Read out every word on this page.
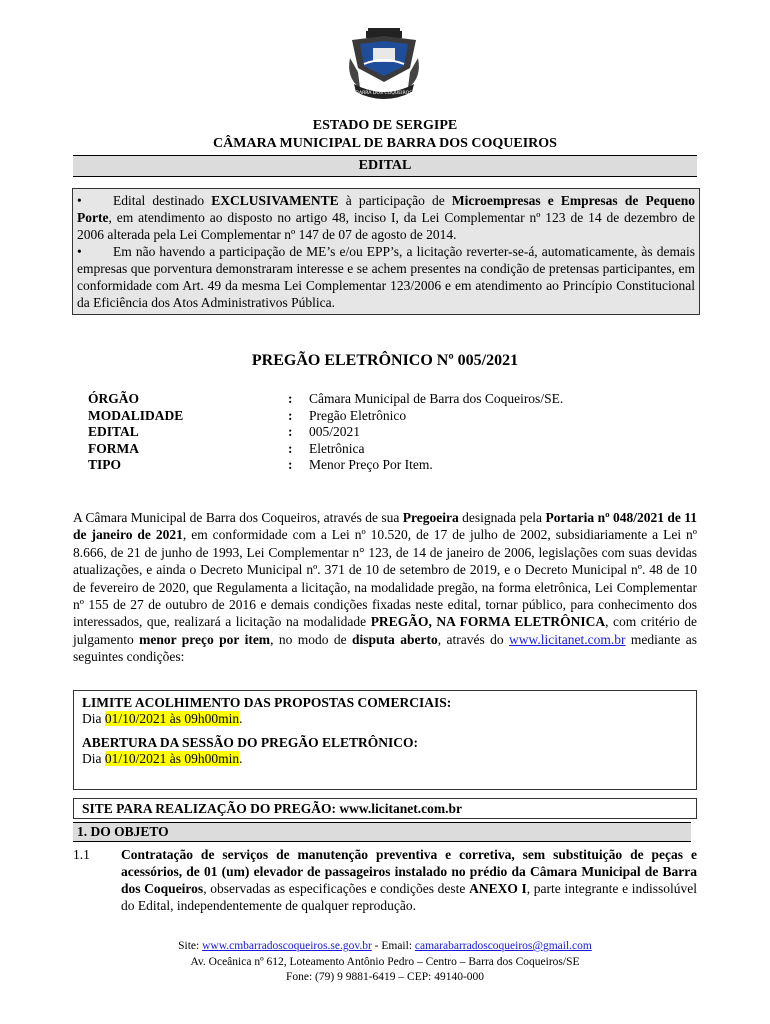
BARRA DOS COQUEIROS
ESTADO DE SERGIPE
CÂMARA MUNICIPAL DE BARRA DOS COQUEIROS
EDITAL

• Edital destinado EXCLUSIVAMENTE à participação de Microempresas e Empresas de Pequeno Porte, em atendimento ao disposto no artigo 48, inciso I, da Lei Complementar nº 123 de 14 de dezembro de 2006 alterada pela Lei Complementar nº 147 de 07 de agosto de 2014.

• Em não havendo a participação de ME’s e/ou EPP’s, a licitação reverter-se-á, automaticamente, às demais empresas que porventura demonstraram interesse e se achem presentes na condição de pretensas participantes, em conformidade com Art. 49 da mesma Lei Complementar 123/2006 e em atendimento ao Princípio Constitucional da Eficiência dos Atos Administrativos Pública.

PREGÃO ELETRÔNICO Nº 005/2021
ÓRGÃO	:	Câmara Municipal de Barra dos Coqueiros/SE.
MODALIDADE	:	Pregão Eletrônico
EDITAL	:	005/2021
FORMA	:	Eletrônica
TIPO	:	Menor Preço Por Item.

A Câmara Municipal de Barra dos Coqueiros, através de sua Pregoeira designada pela Portaria nº 048/2021 de 11 de janeiro de 2021, em conformidade com a Lei nº 10.520, de 17 de julho de 2002, subsidiariamente a Lei nº 8.666, de 21 de junho de 1993, Lei Complementar n° 123, de 14 de janeiro de 2006, legislações com suas devidas atualizações, e ainda o Decreto Municipal nº. 371 de 10 de setembro de 2019, e o Decreto Municipal nº. 48 de 10 de fevereiro de 2020, que Regulamenta a licitação, na modalidade pregão, na forma eletrônica, Lei Complementar nº 155 de 27 de outubro de 2016 e demais condições fixadas neste edital, tornar público, para conhecimento dos interessados, que, realizará a licitação na modalidade PREGÃO, NA FORMA ELETRÔNICA, com critério de julgamento menor preço por item, no modo de disputa aberto, através do www.licitanet.com.br mediante as seguintes condições:

LIMITE ACOLHIMENTO DAS PROPOSTAS COMERCIAIS:
Dia 01/10/2021 às 09h00min.
ABERTURA DA SESSÃO DO PREGÃO ELETRÔNICO:
Dia 01/10/2021 às 09h00min.
SITE PARA REALIZAÇÃO DO PREGÃO: www.licitanet.com.br
1. DO OBJETO
1.1	Contratação de serviços de manutenção preventiva e corretiva, sem substituição de peças e acessórios, de 01 (um) elevador de passageiros instalado no prédio da Câmara Municipal de Barra dos Coqueiros, observadas as especificações e condições deste ANEXO I, parte integrante e indissolúvel do Edital, independentemente de qualquer reprodução.
Site: www.cmbarradoscoqueiros.se.gov.br - Email: camarabarradoscoqueiros@gmail.com
Av. Oceânica nº 612, Loteamento Antônio Pedro – Centro – Barra dos Coqueiros/SE
Fone: (79) 9 9881-6419 – CEP: 49140-000
